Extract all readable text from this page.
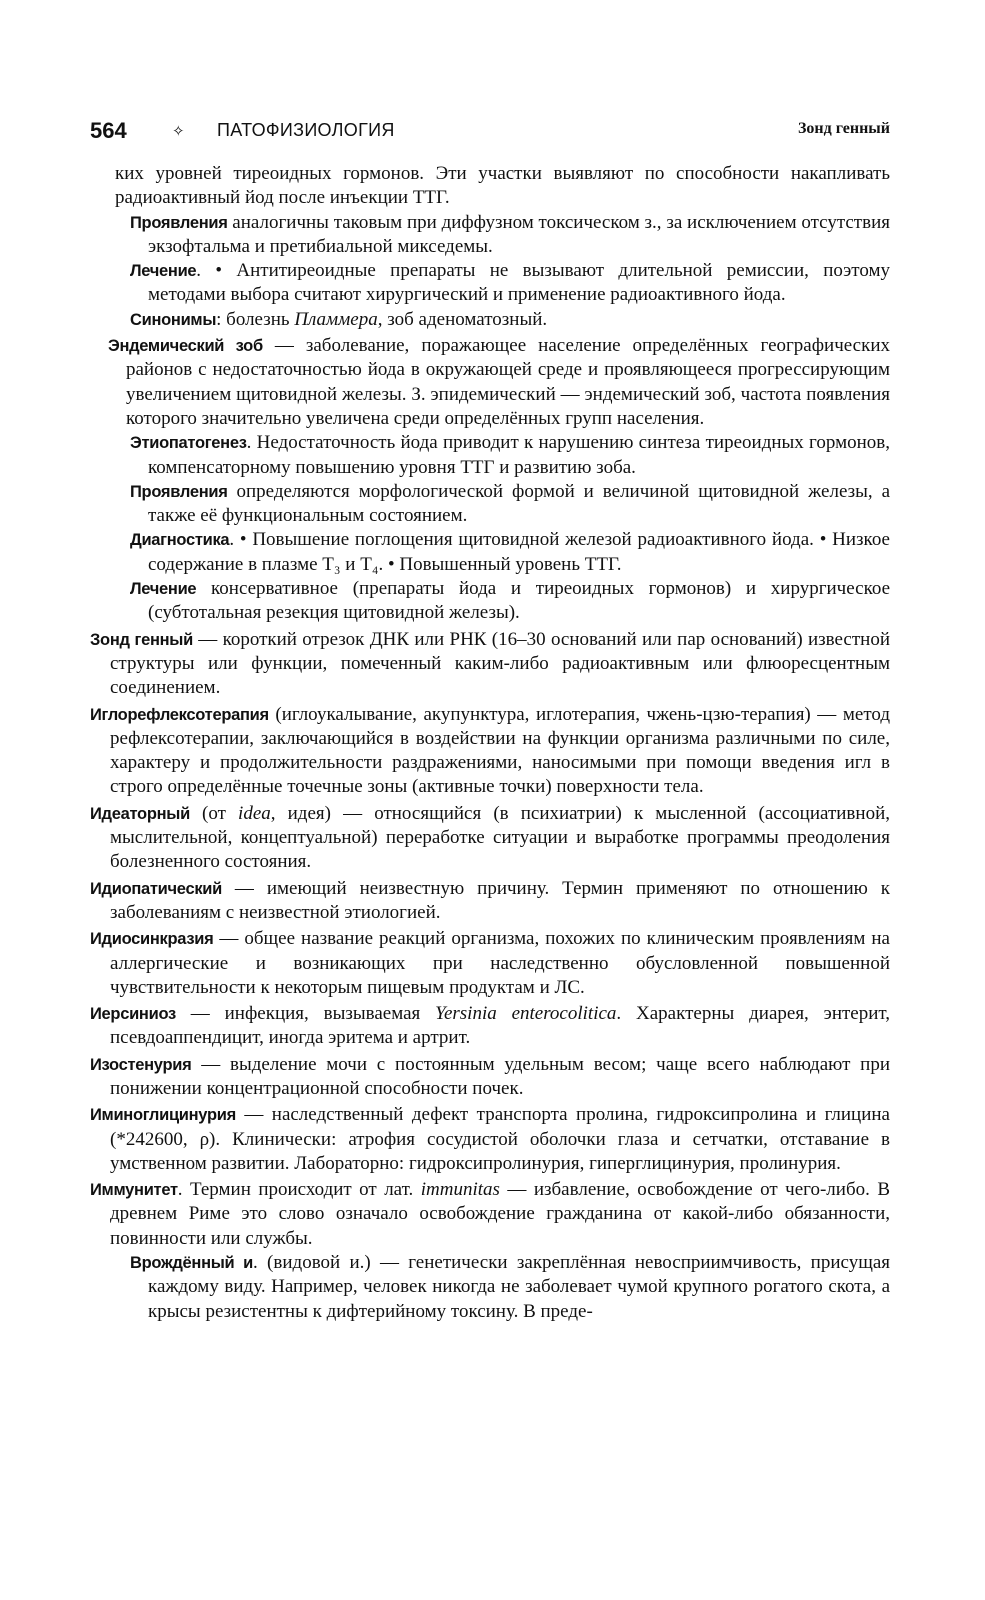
564	✧ ПАТОФИЗИОЛОГИЯ	Зонд генный

ких уровней тиреоидных гормонов. Эти участки выявляют по способности накапливать радиоактивный йод после инъекции ТТГ.

Проявления аналогичны таковым при диффузном токсическом з., за исключением отсутствия экзофтальма и претибиальной микседемы.

Лечение. • Антитиреоидные препараты не вызывают длительной ремиссии, поэтому методами выбора считают хирургический и применение радиоактивного йода.

Синонимы: болезнь Пламмера, зоб аденоматозный.

Эндемический зоб — заболевание, поражающее население определённых географических районов с недостаточностью йода в окружающей среде и проявляющееся прогрессирующим увеличением щитовидной железы. З. эпидемический — эндемический зоб, частота появления которого значительно увеличена среди определённых групп населения.

Этиопатогенез. Недостаточность йода приводит к нарушению синтеза тиреоидных гормонов, компенсаторному повышению уровня ТТГ и развитию зоба.

Проявления определяются морфологической формой и величиной щитовидной железы, а также её функциональным состоянием.

Диагностика. • Повышение поглощения щитовидной железой радиоактивного йода. • Низкое содержание в плазме T₃ и T₄. • Повышенный уровень ТТГ.

Лечение консервативное (препараты йода и тиреоидных гормонов) и хирургическое (субтотальная резекция щитовидной железы).

Зонд генный — короткий отрезок ДНК или РНК (16–30 оснований или пар оснований) известной структуры или функции, помеченный каким-либо радиоактивным или флюоресцентным соединением.

Иглорефлексотерапия (иглоукалывание, акупунктура, иглотерапия, чжень-цзю-терапия) — метод рефлексотерапии, заключающийся в воздействии на функции организма различными по силе, характеру и продолжительности раздражениями, наносимыми при помощи введения игл в строго определённые точечные зоны (активные точки) поверхности тела.

Идеаторный (от idea, идея) — относящийся (в психиатрии) к мысленной (ассоциативной, мыслительной, концептуальной) переработке ситуации и выработке программы преодоления болезненного состояния.

Идиопатический — имеющий неизвестную причину. Термин применяют по отношению к заболеваниям с неизвестной этиологией.

Идиосинкразия — общее название реакций организма, похожих по клиническим проявлениям на аллергические и возникающих при наследственно обусловленной повышенной чувствительности к некоторым пищевым продуктам и ЛС.

Иерсиниоз — инфекция, вызываемая Yersinia enterocolitica. Характерны диарея, энтерит, псевдоаппендицит, иногда эритема и артрит.

Изостенурия — выделение мочи с постоянным удельным весом; чаще всего наблюдают при понижении концентрационной способности почек.

Иминоглицинурия — наследственный дефект транспорта пролина, гидроксипролина и глицина (*242600, ρ). Клинически: атрофия сосудистой оболочки глаза и сетчатки, отставание в умственном развитии. Лабораторно: гидроксипролинурия, гиперглицинурия, пролинурия.

Иммунитет. Термин происходит от лат. immunitas — избавление, освобождение от чего-либо. В древнем Риме это слово означало освобождение гражданина от какой-либо обязанности, повинности или службы.

Врождённый и. (видовой и.) — генетически закреплённая невосприимчивость, присущая каждому виду. Например, человек никогда не заболевает чумой крупного рогатого скота, а крысы резистентны к дифтерийному токсину. В преде-
